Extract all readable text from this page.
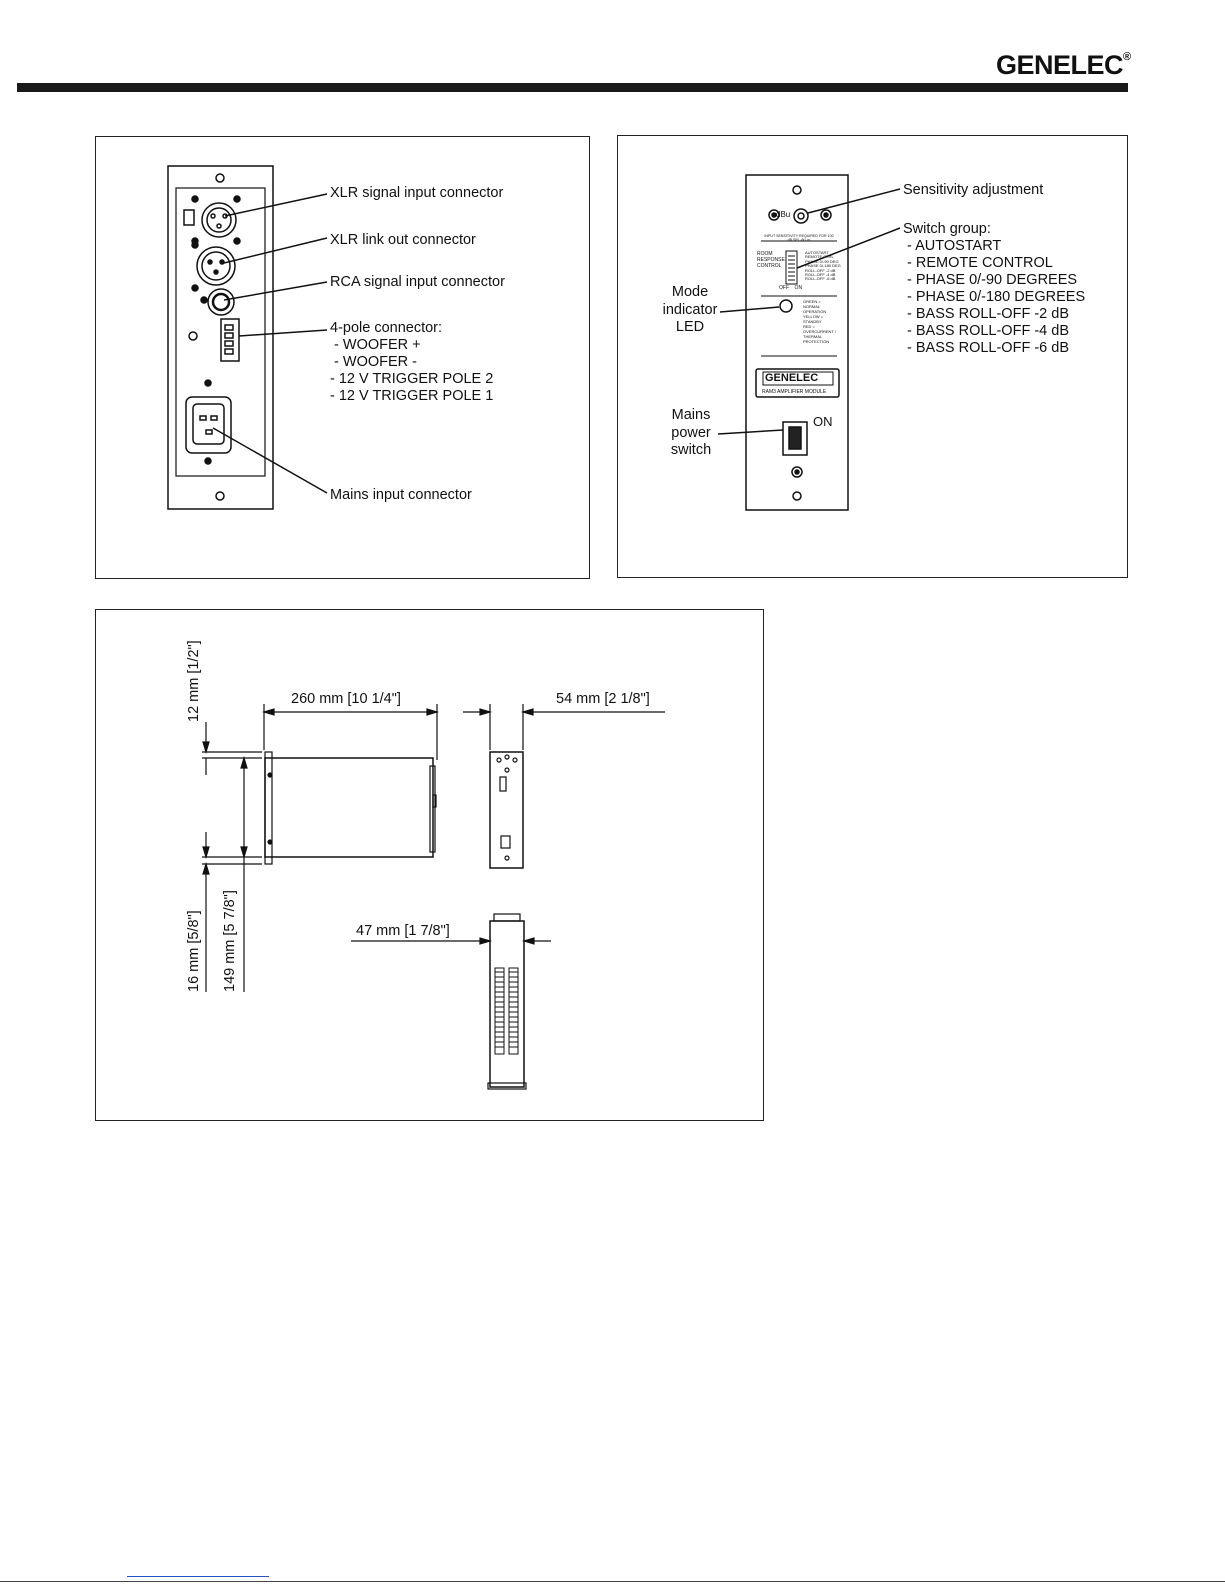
GENELEC®
XLR signal input connector
XLR link out connector
RCA signal input connector
4-pole connector:
- WOOFER +
- WOOFER -
- 12 V TRIGGER POLE 2
- 12 V TRIGGER POLE 1
Mains input connector
Sensitivity adjustment
Switch group:
- AUTOSTART
- REMOTE CONTROL
- PHASE 0/-90 DEGREES
- PHASE 0/-180 DEGREES
- BASS ROLL-OFF -2 dB
- BASS ROLL-OFF -4 dB
- BASS ROLL-OFF -6 dB
Mode
indicator
LED
Mains
power
switch
ON
dBu
INPUT SENSITIVITY REQUIRED FOR 100 dB SPL @1 m
ROOM
RESPONSE
CONTROL
AUTOSTART
REMOTE CTRL
PHASE 0/-90 DEG
PHASE 0/-180 DEG
ROLL-OFF -2 dB
ROLL-OFF -4 dB
ROLL-OFF -6 dB
OFF    ON
GREEN =
NORMAL
OPERATION
YELLOW =
STANDBY
RED =
OVERCURRENT /
THERMAL
PROTECTION
GENELEC
RAM3 AMPLIFIER MODULE
260 mm [10 1/4"]	54 mm [2 1/8"]
47 mm [1 7/8"]
12 mm [1/2"]
16 mm [5/8"] 149 mm [5 7/8"]
